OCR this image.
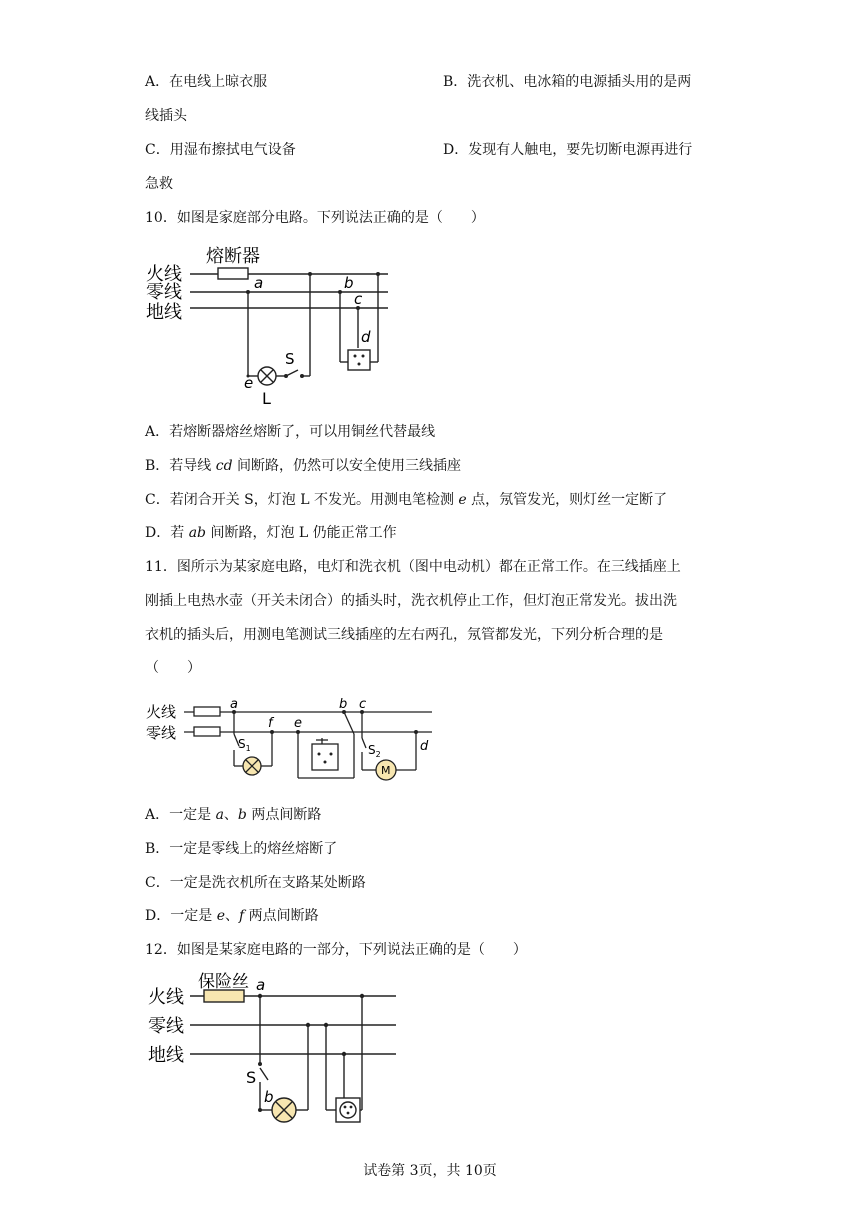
A．在电线上晾衣服	B．洗衣机、电冰箱的电源插头用的是两
线插头
C．用湿布擦拭电气设备	D．发现有人触电，要先切断电源再进行
急救
10．如图是家庭部分电路。下列说法正确的是（　　）
火线
零线
地线
熔断器
a	b
c
d
e
S
L
A．若熔断器熔丝熔断了，可以用铜丝代替最线
B．若导线 cd 间断路，仍然可以安全使用三线插座
C．若闭合开关 S，灯泡 L 不发光。用测电笔检测 e 点，氖管发光，则灯丝一定断了
D．若 ab 间断路，灯泡 L 仍能正常工作
11．图所示为某家庭电路，电灯和洗衣机（图中电动机）都在正常工作。在三线插座上
刚插上电热水壶（开关未闭合）的插头时，洗衣机停止工作，但灯泡正常发光。拔出洗
衣机的插头后，用测电笔测试三线插座的左右两孔，氖管都发光，下列分析合理的是
（　　）
火线
零线
a
f e
b c
d
$S_1$	$S_2$
M
A．一定是 a、b 两点间断路
B．一定是零线上的熔丝熔断了
C．一定是洗衣机所在支路某处断路
D．一定是 e、f 两点间断路
12．如图是某家庭电路的一部分，下列说法正确的是（　　）
火线
零线
地线
保险丝 a
b
S
试卷第 3页，共 10页
